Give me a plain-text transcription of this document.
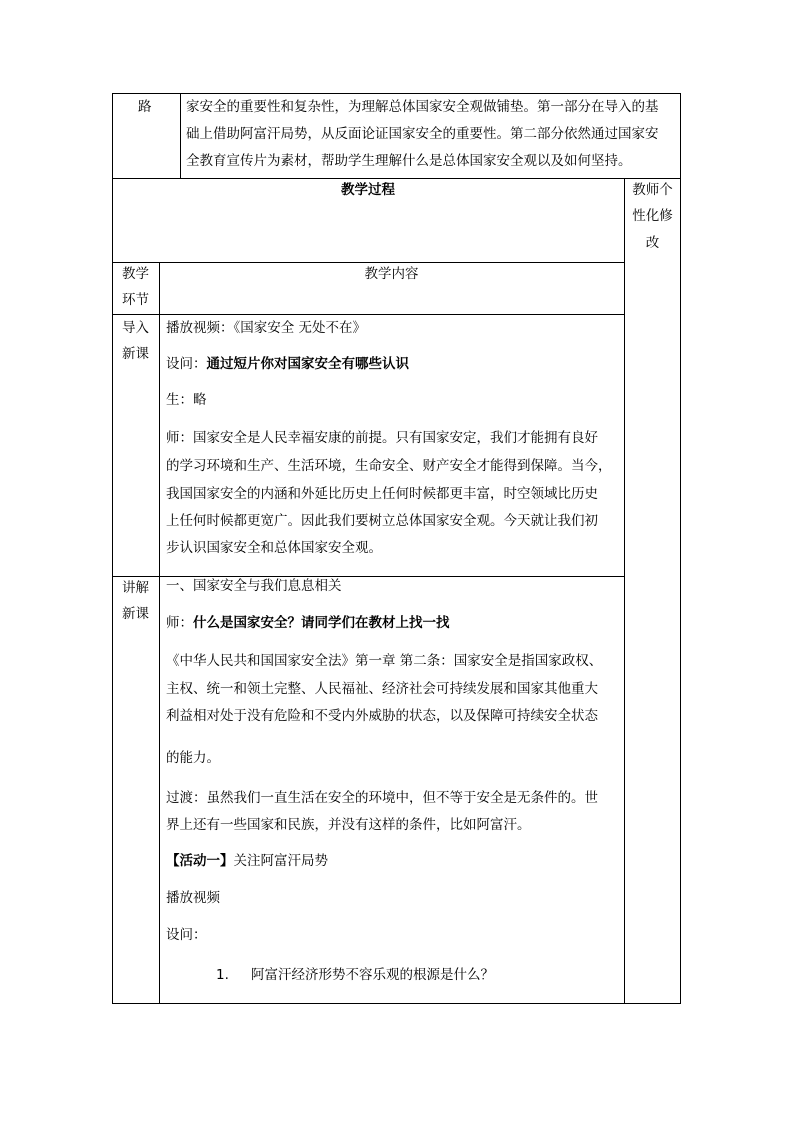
路	家安全的重要性和复杂性，为理解总体国家安全观做铺垫。第一部分在导入的基
础上借助阿富汗局势，从反面论证国家安全的重要性。第二部分依然通过国家安
全教育宣传片为素材，帮助学生理解什么是总体国家安全观以及如何坚持。
教学过程	教师个
性化修
改
教学
环节
教学内容
导入
新课
播放视频：《国家安全 无处不在》
设问：通过短片你对国家安全有哪些认识
生：略
师：国家安全是人民幸福安康的前提。只有国家安定，我们才能拥有良好
的学习环境和生产、生活环境，生命安全、财产安全才能得到保障。当今，
我国国家安全的内涵和外延比历史上任何时候都更丰富，时空领域比历史
上任何时候都更宽广。因此我们要树立总体国家安全观。今天就让我们初
步认识国家安全和总体国家安全观。
讲解
新课
一、国家安全与我们息息相关
师：什么是国家安全？请同学们在教材上找一找
《中华人民共和国国家安全法》第一章 第二条：国家安全是指国家政权、
主权、统一和领土完整、人民福祉、经济社会可持续发展和国家其他重大
利益相对处于没有危险和不受内外威胁的状态，以及保障可持续安全状态
的能力。
过渡：虽然我们一直生活在安全的环境中，但不等于安全是无条件的。世
界上还有一些国家和民族，并没有这样的条件，比如阿富汗。
【活动一】关注阿富汗局势
播放视频
设问：
1. 阿富汗经济形势不容乐观的根源是什么？
